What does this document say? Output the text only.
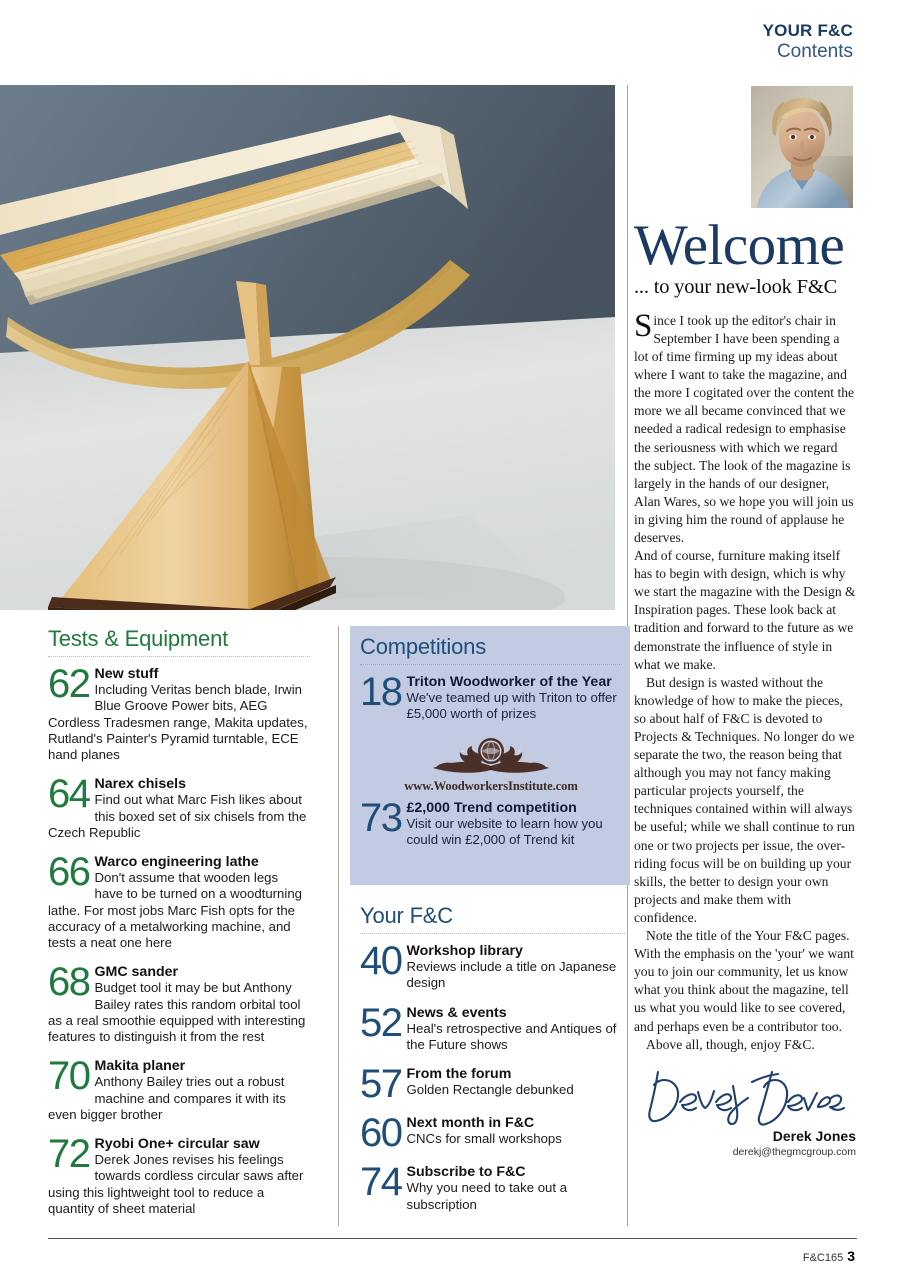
YOUR F&C
Contents
Welcome

... to your new-look F&C

S ince I took up the editor's chair in September I have been spending a lot of time firming up my ideas about where I want to take the magazine, and the more I cogitated over the content the more we all became convinced that we needed a radical redesign to emphasise the seriousness with which we regard the subject. The look of the magazine is largely in the hands of our designer, Alan Wares, so we hope you will join us in giving him the round of applause he deserves.

And of course, furniture making itself has to begin with design, which is why we start the magazine with the Design & Inspiration pages. These look back at tradition and forward to the future as we demonstrate the influence of style in what we make.

But design is wasted without the knowledge of how to make the pieces, so about half of F&C is devoted to Projects & Techniques. No longer do we separate the two, the reason being that although you may not fancy making particular projects yourself, the techniques contained within will always be useful; while we shall continue to run one or two projects per issue, the over-riding focus will be on building up your skills, the better to design your own projects and make them with confidence.

Note the title of the Your F&C pages. With the emphasis on the 'your' we want you to join our community, let us know what you think about the magazine, tell us what you would like to see covered, and perhaps even be a contributor too.

Above all, though, enjoy F&C.

Derek Jones
derekj@thegmcgroup.com
Tests & Equipment
62 New stuff
Including Veritas bench blade, Irwin Blue Groove Power bits, AEG Cordless Tradesmen range, Makita updates, Rutland's Painter's Pyramid turntable, ECE hand planes
64 Narex chisels
Find out what Marc Fish likes about this boxed set of six chisels from the Czech Republic
66 Warco engineering lathe
Don't assume that wooden legs have to be turned on a woodturning lathe. For most jobs Marc Fish opts for the accuracy of a metalworking machine, and tests a neat one here
68 GMC sander
Budget tool it may be but Anthony Bailey rates this random orbital tool as a real smoothie equipped with interesting features to distinguish it from the rest
70 Makita planer
Anthony Bailey tries out a robust machine and compares it with its even bigger brother
72 Ryobi One+ circular saw
Derek Jones revises his feelings towards cordless circular saws after using this lightweight tool to reduce a quantity of sheet material
Competitions
18 Triton Woodworker of the Year
We've teamed up with Triton to offer £5,000 worth of prizes
www.WoodworkersInstitute.com
73 £2,000 Trend competition
Visit our website to learn how you could win £2,000 of Trend kit
Your F&C
40 Workshop library
Reviews include a title on Japanese design
52 News & events
Heal's retrospective and Antiques of the Future shows
57 From the forum
Golden Rectangle debunked
60 Next month in F&C
CNCs for small workshops
74 Subscribe to F&C
Why you need to take out a subscription
F&C165 3
